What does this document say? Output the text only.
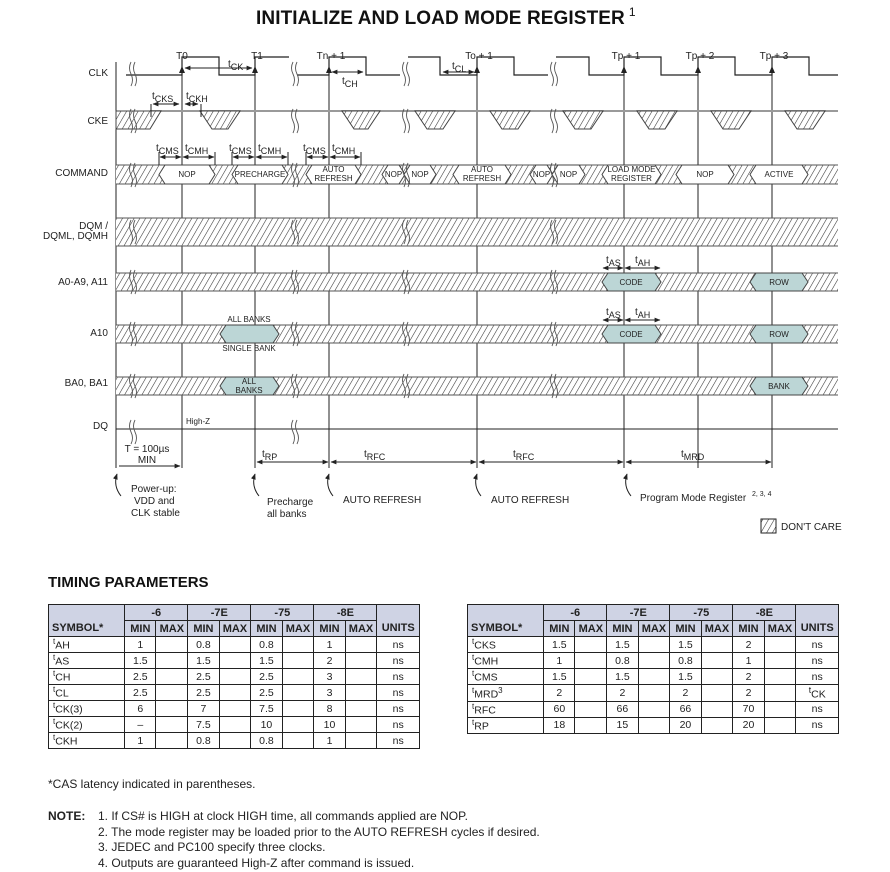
INITIALIZE AND LOAD MODE REGISTER $^1$
CLK
CKE
COMMAND
DQM /
DQML, DQMH
A0-A9, A11
A10
BA0, BA1
DQ
T0	T1	Tn + 1	To + 1	Tp + 1	Tp + 2	Tp + 3
tCK
tCH
tCL
tCKS tCKH
NOP	PRECHARGE
AUTO
REFRESH	NOP NOP
AUTO
REFRESH	NOP NOP
LOAD MODE
REGISTER	NOP	ACTIVE
tCMS tCMH tCMS tCMH tCMS tCMH
CODE	ROW
tAS tAH
ALL BANKS
SINGLE BANK
CODE	ROW
tAS tAH
ALL
BANKS	BANK
High-Z
T = 100µs
MIN
tRP	tRFC	tRFC	tMRD
Power-up:
VDD and
CLK stable
Precharge
all banks
AUTO REFRESH	AUTO REFRESH	Program Mode Register 2, 3, 4
DON'T CARE
TIMING PARAMETERS
	-6		-7E		-75		-8E		
SYMBOL*	MIN	MAX	MIN	MAX	MIN	MAX	MIN	MAX	UNITS
$^t$AH	1		0.8		0.8		1		ns
$^t$AS	1.5		1.5		1.5		2		ns
$^t$CH	2.5		2.5		2.5		3		ns
$^t$CL	2.5		2.5		2.5		3		ns
$^t$CK(3)	6		7		7.5		8		ns
$^t$CK(2)	–		7.5		10		10		ns
$^t$CKH	1		0.8		0.8		1		ns
	-6		-7E		-75		-8E		
SYMBOL*	MIN	MAX	MIN	MAX	MIN	MAX	MIN	MAX	UNITS
$^t$CKS	1.5		1.5		1.5		2		ns
$^t$CMH	1		0.8		0.8		1		ns
$^t$CMS	1.5		1.5		1.5		2		ns
$^t$MRD$^3$	2		2		2		2		$^t$CK
$^t$RFC	60		66		66		70		ns
$^t$RP	18		15		20		20		ns
*CAS latency indicated in parentheses.
NOTE: 1. If CS# is HIGH at clock HIGH time, all commands applied are NOP.
2. The mode register may be loaded prior to the AUTO REFRESH cycles if desired.
3. JEDEC and PC100 specify three clocks.
4. Outputs are guaranteed High-Z after command is issued.
